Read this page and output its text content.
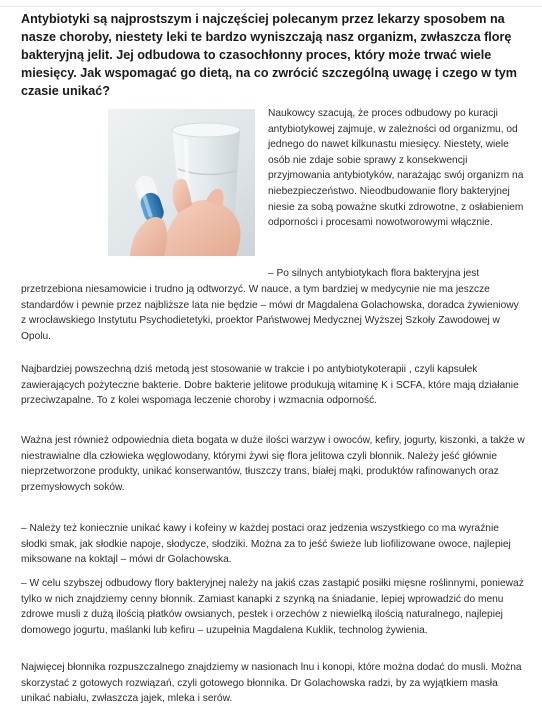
Antybiotyki są najprostszym i najczęściej polecanym przez lekarzy sposobem na nasze choroby, niestety leki te bardzo wyniszczają nasz organizm, zwłaszcza florę bakteryjną jelit. Jej odbudowa to czasochłonny proces, który może trwać wiele miesięcy. Jak wspomagać go dietą, na co zwrócić szczególną uwagę i czego w tym czasie unikać?

Naukowcy szacują, że proces odbudowy po kuracji antybiotykowej zajmuje, w zależności od organizmu, od jednego do nawet kilkunastu miesięcy. Niestety, wiele osób nie zdaje sobie sprawy z konsekwencji przyjmowania antybiotyków, narażając swój organizm na niebezpieczeństwo. Nieodbudowanie flory bakteryjnej niesie za sobą poważne skutki zdrowotne, z osłabieniem odporności i procesami nowotworowymi włącznie.

– Po silnych antybiotykach flora bakteryjna jest

przetrzebiona niesamowicie i trudno ją odtworzyć. W nauce, a tym bardziej w medycynie nie ma jeszcze standardów i pewnie przez najbliższe lata nie będzie – mówi dr Magdalena Golachowska, doradca żywieniowy z wrocławskiego Instytutu Psychodietetyki, proektor Państwowej Medycznej Wyższej Szkoły Zawodowej w Opolu.

Najbardziej powszechną dziś metodą jest stosowanie w trakcie i po antybiotykoterapii , czyli kapsułek zawierających pożyteczne bakterie. Dobre bakterie jelitowe produkują witaminę K i SCFA, które mają działanie przeciwzapalne. To z kolei wspomaga leczenie choroby i wzmacnia odporność.

Ważna jest również odpowiednia dieta bogata w duże ilości warzyw i owoców, kefiry, jogurty, kiszonki, a także w niestrawialne dla człowieka węglowodany, którymi żywi się flora jelitowa czyli błonnik. Należy jeść głównie nieprzetworzone produkty, unikać konserwantów, tłuszczy trans, białej mąki, produktów rafinowanych oraz przemysłowych soków.

– Należy też koniecznie unikać kawy i kofeiny w każdej postaci oraz jedzenia wszystkiego co ma wyraźnie słodki smak, jak słodkie napoje, słodycze, słodziki. Można za to jeść świeże lub liofilizowane owoce, najlepiej miksowane na koktajl – mówi dr Golachowska.

– W celu szybszej odbudowy flory bakteryjnej należy na jakiś czas zastąpić posiłki mięsne roślinnymi, ponieważ tylko w nich znajdziemy cenny błonnik. Zamiast kanapki z szynką na śniadanie, lepiej wprowadzić do menu zdrowe musli z dużą ilością płatków owsianych, pestek i orzechów z niewielką ilością naturalnego, najlepiej domowego jogurtu, maślanki lub kefiru – uzupełnia Magdalena Kuklik, technolog żywienia.

Najwięcej błonnika rozpuszczalnego znajdziemy w nasionach lnu i konopi, które można dodać do musli. Można skorzystać z gotowych rozwiązań, czyli gotowego błonnika. Dr Golachowska radzi, by za wyjątkiem masła unikać nabiału, zwłaszcza jajek, mleka i serów.
